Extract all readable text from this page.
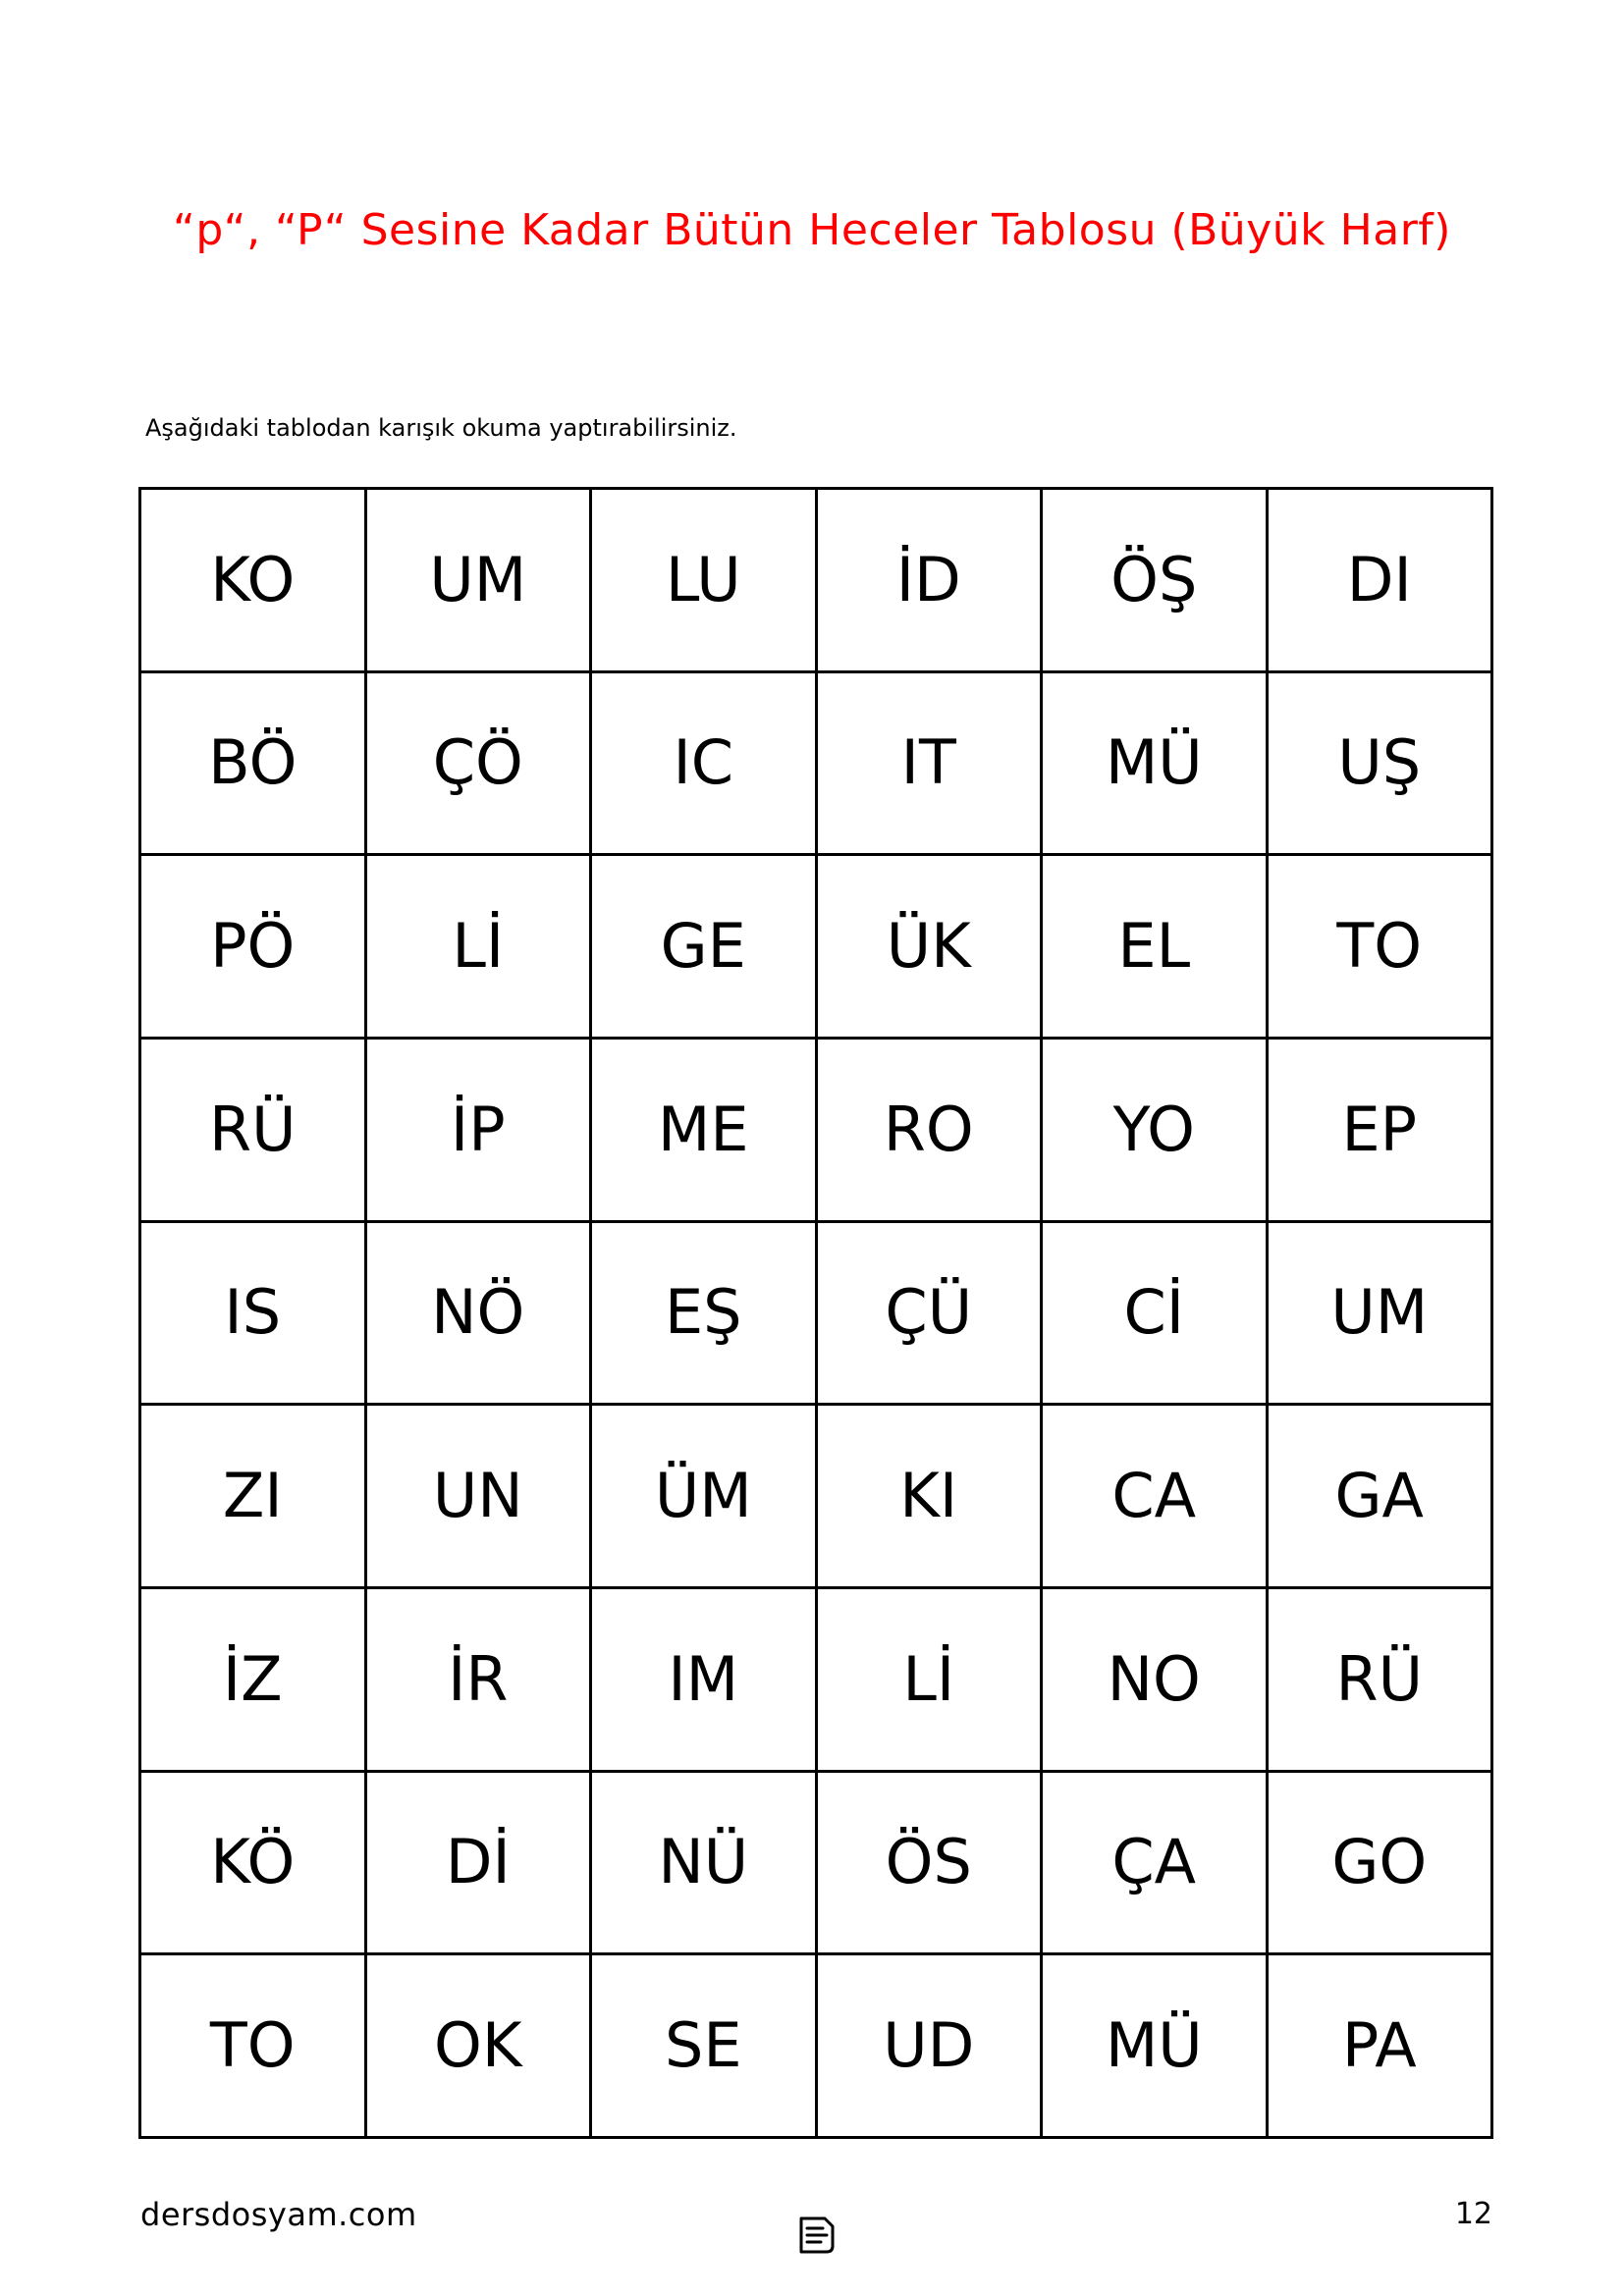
“p“, “P“ Sesine Kadar Bütün Heceler Tablosu (Büyük Harf)
Aşağıdaki tablodan karışık okuma yaptırabilirsiniz.
KO	UM	LU	İD	ÖŞ	DI
BÖ	ÇÖ	IC	IT	MÜ	UŞ
PÖ	Lİ	GE	ÜK	EL	TO
RÜ	İP	ME	RO	YO	EP
IS	NÖ	EŞ	ÇÜ	Cİ	UM
ZI	UN	ÜM	KI	CA	GA
İZ	İR	IM	Lİ	NO	RÜ
KÖ	Dİ	NÜ	ÖS	ÇA	GO
TO	OK	SE	UD	MÜ	PA
dersdosyam.com	12
